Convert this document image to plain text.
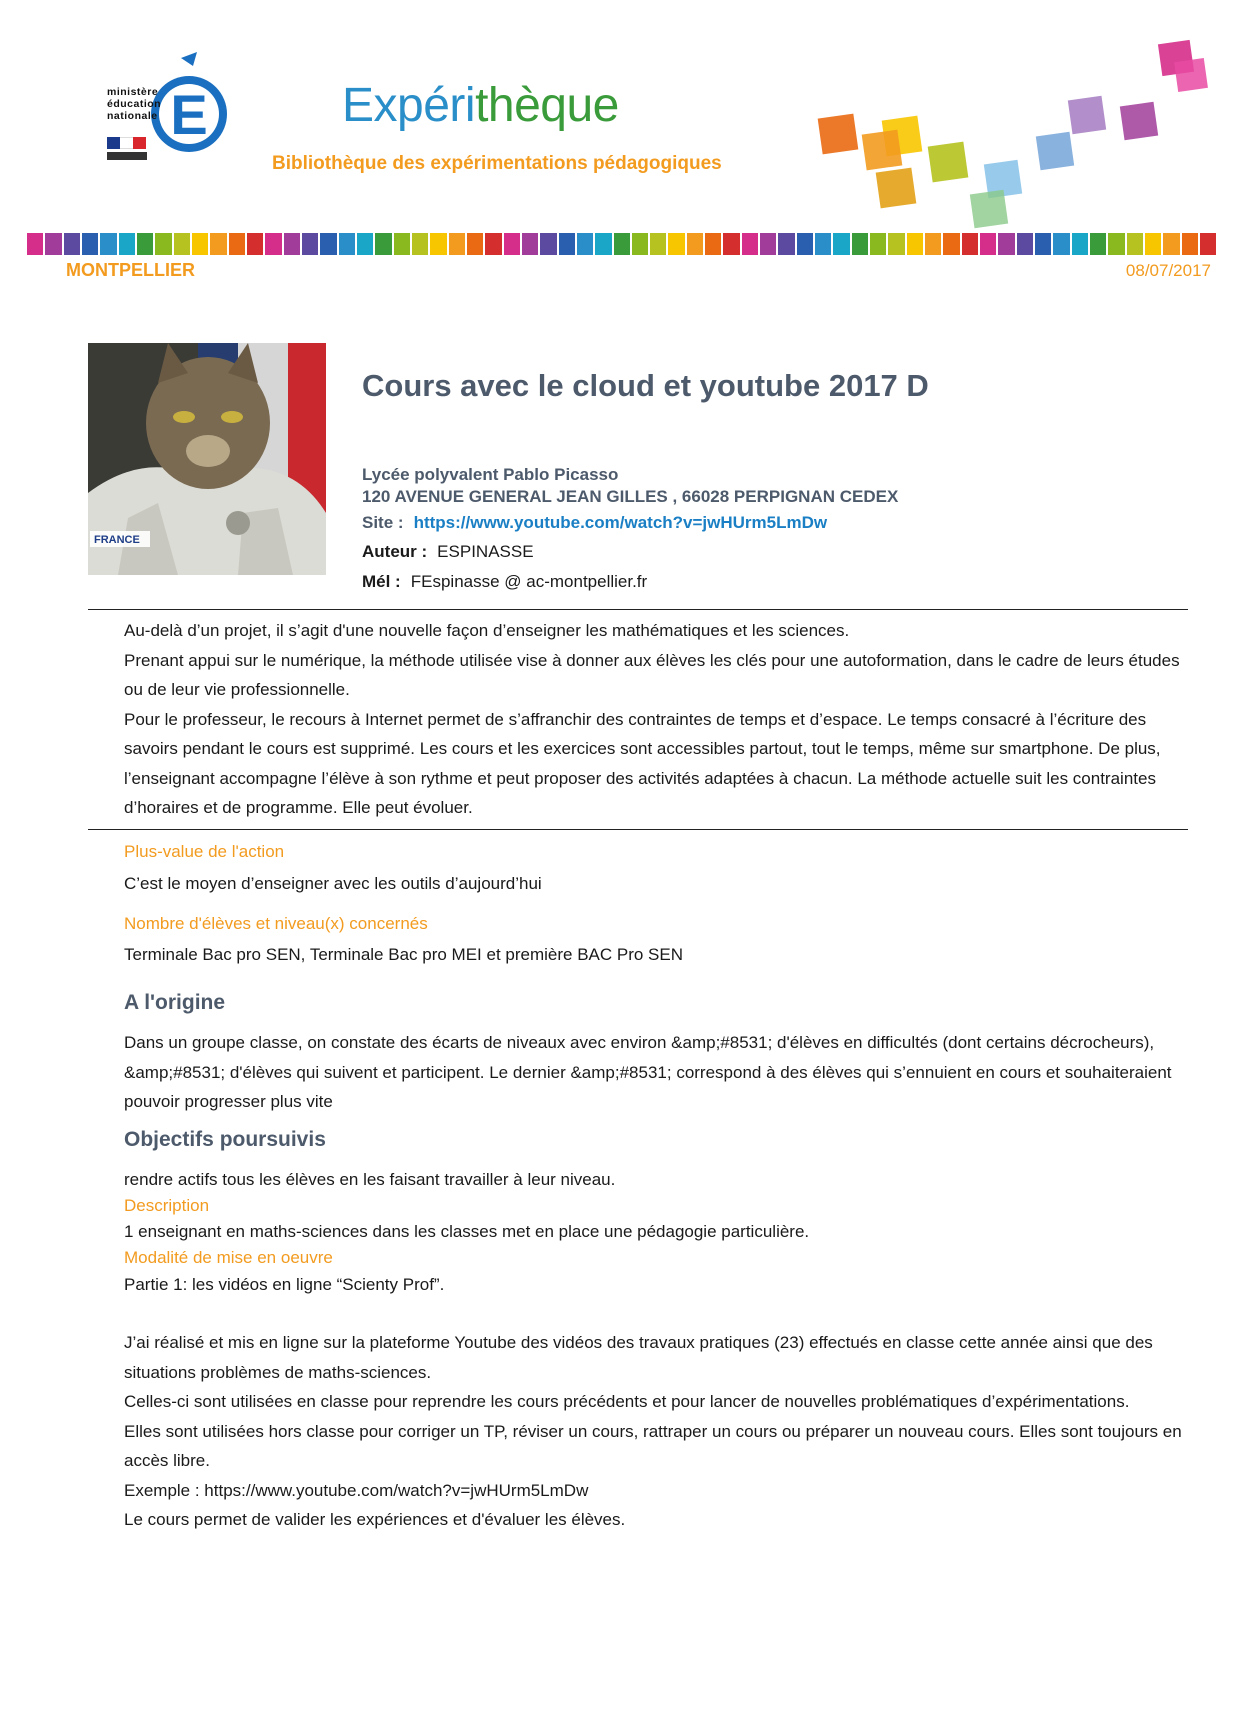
E
ministère
éducation
nationale	Expérithèque
Bibliothèque des expérimentations pédagogiques
MONTPELLIER	08/07/2017
FRANCE
Cours avec le cloud et youtube 2017 D
Lycée polyvalent Pablo Picasso
120 AVENUE GENERAL JEAN GILLES , 66028 PERPIGNAN CEDEX
Site : https://www.youtube.com/watch?v=jwHUrm5LmDw
Auteur : ESPINASSE
Mél : FEspinasse @ ac-montpellier.fr
Au-delà d’un projet, il s’agit d'une nouvelle façon d’enseigner les mathématiques et les sciences.
Prenant appui sur le numérique, la méthode utilisée vise à donner aux élèves les clés pour une autoformation, dans le cadre de leurs études ou de leur vie professionnelle.
Pour le professeur, le recours à Internet permet de s’affranchir des contraintes de temps et d’espace. Le temps consacré à l’écriture des savoirs pendant le cours est supprimé. Les cours et les exercices sont accessibles partout, tout le temps, même sur smartphone. De plus, l’enseignant accompagne l’élève à son rythme et peut proposer des activités adaptées à chacun. La méthode actuelle suit les contraintes d’horaires et de programme. Elle peut évoluer.
Plus-value de l'action
C’est le moyen d’enseigner avec les outils d’aujourd’hui
Nombre d'élèves et niveau(x) concernés
Terminale Bac pro SEN, Terminale Bac pro MEI et première BAC Pro SEN
A l'origine
Dans un groupe classe, on constate des écarts de niveaux avec environ &amp;#8531; d'élèves en difficultés (dont certains décrocheurs), &amp;#8531; d'élèves qui suivent et participent. Le dernier &amp;#8531; correspond à des élèves qui s’ennuient en cours et souhaiteraient pouvoir progresser plus vite
Objectifs poursuivis
rendre actifs tous les élèves en les faisant travailler à leur niveau.
Description
1 enseignant en maths-sciences dans les classes met en place une pédagogie particulière.
Modalité de mise en oeuvre
Partie 1: les vidéos en ligne “Scienty Prof”.
J’ai réalisé et mis en ligne sur la plateforme Youtube des vidéos des travaux pratiques (23) effectués en classe cette année ainsi que des situations problèmes de maths-sciences.
Celles-ci sont utilisées en classe pour reprendre les cours précédents et pour lancer de nouvelles problématiques d’expérimentations.
Elles sont utilisées hors classe pour corriger un TP, réviser un cours, rattraper un cours ou préparer un nouveau cours. Elles sont toujours en accès libre.
Exemple : https://www.youtube.com/watch?v=jwHUrm5LmDw
Le cours permet de valider les expériences et d'évaluer les élèves.
